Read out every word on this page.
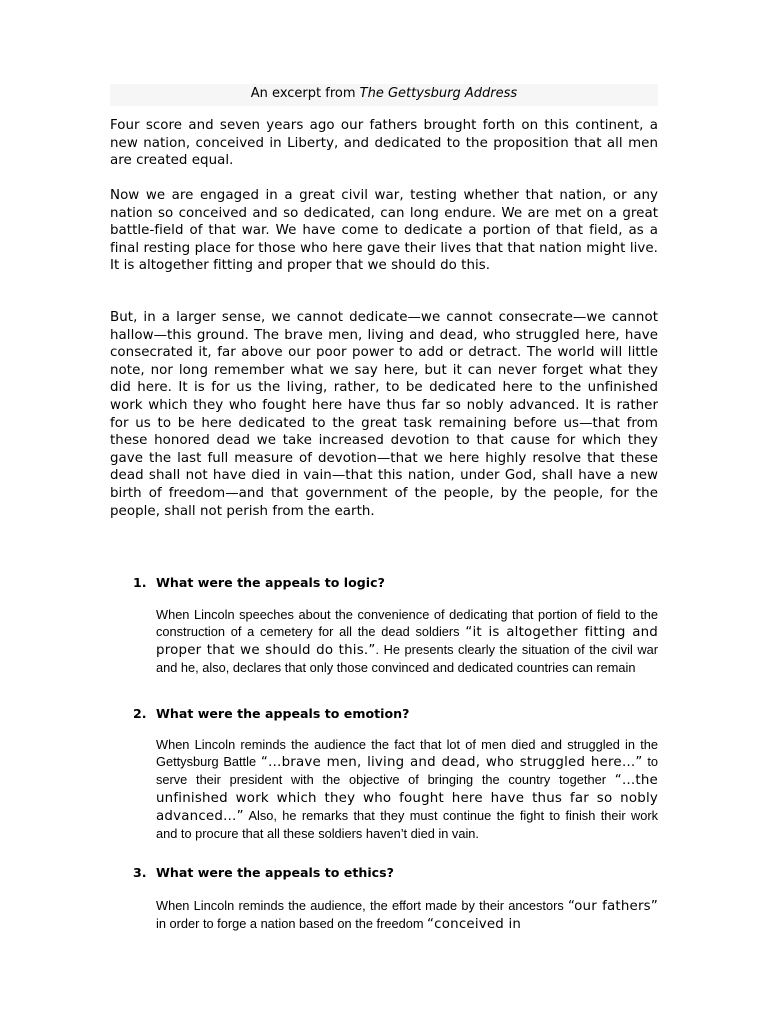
An excerpt from The Gettysburg Address

Four score and seven years ago our fathers brought forth on this continent, a new nation, conceived in Liberty, and dedicated to the proposition that all men are created equal.

Now we are engaged in a great civil war, testing whether that nation, or any nation so conceived and so dedicated, can long endure. We are met on a great battle-field of that war. We have come to dedicate a portion of that field, as a final resting place for those who here gave their lives that that nation might live. It is altogether fitting and proper that we should do this.

But, in a larger sense, we cannot dedicate—we cannot consecrate—we cannot hallow—this ground. The brave men, living and dead, who struggled here, have consecrated it, far above our poor power to add or detract. The world will little note, nor long remember what we say here, but it can never forget what they did here. It is for us the living, rather, to be dedicated here to the unfinished work which they who fought here have thus far so nobly advanced. It is rather for us to be here dedicated to the great task remaining before us—that from these honored dead we take increased devotion to that cause for which they gave the last full measure of devotion—that we here highly resolve that these dead shall not have died in vain—that this nation, under God, shall have a new birth of freedom—and that government of the people, by the people, for the people, shall not perish from the earth.

1. What were the appeals to logic?

When Lincoln speeches about the convenience of dedicating that portion of field to the construction of a cemetery for all the dead soldiers “it is altogether fitting and proper that we should do this.”. He presents clearly the situation of the civil war and he, also, declares that only those convinced and dedicated countries can remain

2. What were the appeals to emotion?

When Lincoln reminds the audience the fact that lot of men died and struggled in the Gettysburg Battle “…brave men, living and dead, who struggled here…” to serve their president with the objective of bringing the country together “…the unfinished work which they who fought here have thus far so nobly advanced…” Also, he remarks that they must continue the fight to finish their work and to procure that all these soldiers haven’t died in vain.

3. What were the appeals to ethics?

When Lincoln reminds the audience, the effort made by their ancestors “our fathers” in order to forge a nation based on the freedom “conceived in
